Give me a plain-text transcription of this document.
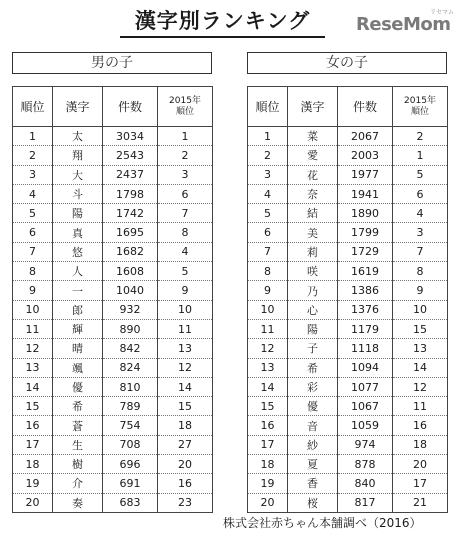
漢字別ランキング	ReseMom
リセマム
男の子
順位	漢字	件数	2015年
順位
1	太	3034	1
2	翔	2543	2
3	大	2437	3
4	斗	1798	6
5	陽	1742	7
6	真	1695	8
7	悠	1682	4
8	人	1608	5
9	一	1040	9
10	郎	932	10
11	輝	890	11
12	晴	842	13
13	颯	824	12
14	優	810	14
15	希	789	15
16	蒼	754	18
17	生	708	27
18	樹	696	20
19	介	691	16
20	奏	683	23
女の子
順位	漢字	件数	2015年
順位
1	菜	2067	2
2	愛	2003	1
3	花	1977	5
4	奈	1941	6
5	結	1890	4
6	美	1799	3
7	莉	1729	7
8	咲	1619	8
9	乃	1386	9
10	心	1376	10
11	陽	1179	15
12	子	1118	13
13	希	1094	14
14	彩	1077	12
15	優	1067	11
16	音	1059	16
17	紗	974	18
18	夏	878	20
19	香	840	17
20	桜	817	21
株式会社赤ちゃん本舗調べ（2016）
